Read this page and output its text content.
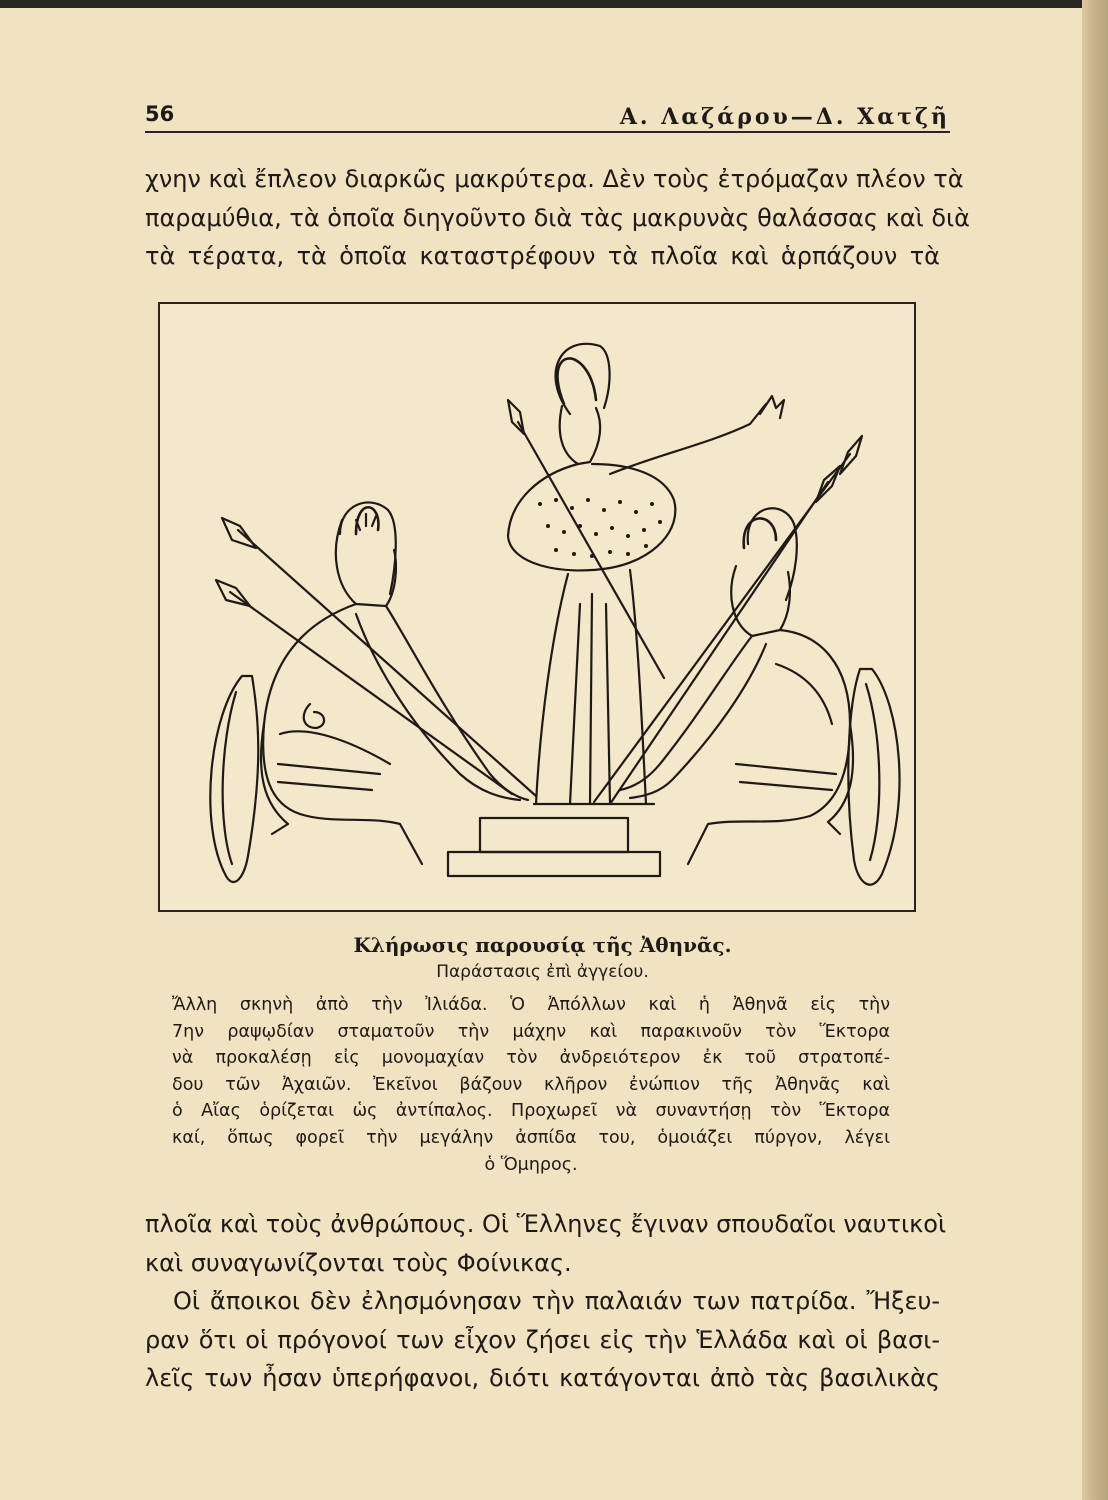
56	Α. Λαζάρου—Δ. Χατζῆ
χνην καὶ ἔπλεον διαρκῶς μακρύτερα. Δὲν τοὺς ἐτρόμαζαν πλέον τὰ
παραμύθια, τὰ ὁποῖα διηγοῦντο διὰ τὰς μακρυνὰς θαλάσσας καὶ διὰ
τὰ τέρατα, τὰ ὁποῖα καταστρέφουν τὰ πλοῖα καὶ ἁρπάζουν τὰ
Κλήρωσις παρουσίᾳ τῆς Ἀθηνᾶς.
Παράστασις ἐπὶ ἀγγείου.
Ἄλλη σκηνὴ ἀπὸ τὴν Ἰλιάδα. Ὁ Ἀπόλλων καὶ ἡ Ἀθηνᾶ εἰς τὴν
7ην ραψῳδίαν σταματοῦν τὴν μάχην καὶ παρακινοῦν τὸν Ἕκτορα
νὰ προκαλέσῃ εἰς μονομαχίαν τὸν ἀνδρειότερον ἐκ τοῦ στρατοπέ-
δου τῶν Ἀχαιῶν. Ἐκεῖνοι βάζουν κλῆρον ἐνώπιον τῆς Ἀθηνᾶς καὶ
ὁ Αἴας ὁρίζεται ὡς ἀντίπαλος. Προχωρεῖ νὰ συναντήσῃ τὸν Ἕκτορα
καί, ὅπως φορεῖ τὴν μεγάλην ἀσπίδα του, ὁμοιάζει πύργον, λέγει
ὁ Ὅμηρος.
πλοῖα καὶ τοὺς ἀνθρώπους. Οἱ Ἕλληνες ἔγιναν σπουδαῖοι ναυτικοὶ
καὶ συναγωνίζονται τοὺς Φοίνικας.
Οἱ ἄποικοι δὲν ἐλησμόνησαν τὴν παλαιάν των πατρίδα. Ἤξευ-
ραν ὅτι οἱ πρόγονοί των εἶχον ζήσει εἰς τὴν Ἑλλάδα καὶ οἱ βασι-
λεῖς των ἦσαν ὑπερήφανοι, διότι κατάγονται ἀπὸ τὰς βασιλικὰς
